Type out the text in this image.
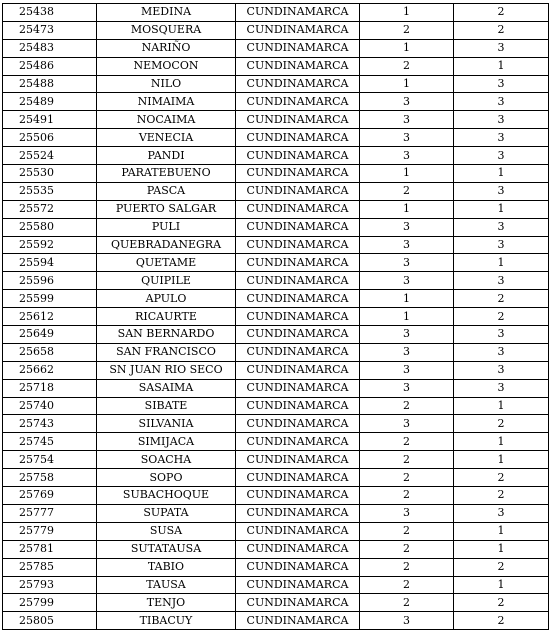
25438	MEDINA	CUNDINAMARCA	1	2
25473	MOSQUERA	CUNDINAMARCA	2	2
25483	NARIÑO	CUNDINAMARCA	1	3
25486	NEMOCON	CUNDINAMARCA	2	1
25488	NILO	CUNDINAMARCA	1	3
25489	NIMAIMA	CUNDINAMARCA	3	3
25491	NOCAIMA	CUNDINAMARCA	3	3
25506	VENECIA	CUNDINAMARCA	3	3
25524	PANDI	CUNDINAMARCA	3	3
25530	PARATEBUENO	CUNDINAMARCA	1	1
25535	PASCA	CUNDINAMARCA	2	3
25572	PUERTO SALGAR	CUNDINAMARCA	1	1
25580	PULI	CUNDINAMARCA	3	3
25592	QUEBRADANEGRA	CUNDINAMARCA	3	3
25594	QUETAME	CUNDINAMARCA	3	1
25596	QUIPILE	CUNDINAMARCA	3	3
25599	APULO	CUNDINAMARCA	1	2
25612	RICAURTE	CUNDINAMARCA	1	2
25649	SAN BERNARDO	CUNDINAMARCA	3	3
25658	SAN FRANCISCO	CUNDINAMARCA	3	3
25662	SN JUAN RIO SECO	CUNDINAMARCA	3	3
25718	SASAIMA	CUNDINAMARCA	3	3
25740	SIBATE	CUNDINAMARCA	2	1
25743	SILVANIA	CUNDINAMARCA	3	2
25745	SIMIJACA	CUNDINAMARCA	2	1
25754	SOACHA	CUNDINAMARCA	2	1
25758	SOPO	CUNDINAMARCA	2	2
25769	SUBACHOQUE	CUNDINAMARCA	2	2
25777	SUPATA	CUNDINAMARCA	3	3
25779	SUSA	CUNDINAMARCA	2	1
25781	SUTATAUSA	CUNDINAMARCA	2	1
25785	TABIO	CUNDINAMARCA	2	2
25793	TAUSA	CUNDINAMARCA	2	1
25799	TENJO	CUNDINAMARCA	2	2
25805	TIBACUY	CUNDINAMARCA	3	2
